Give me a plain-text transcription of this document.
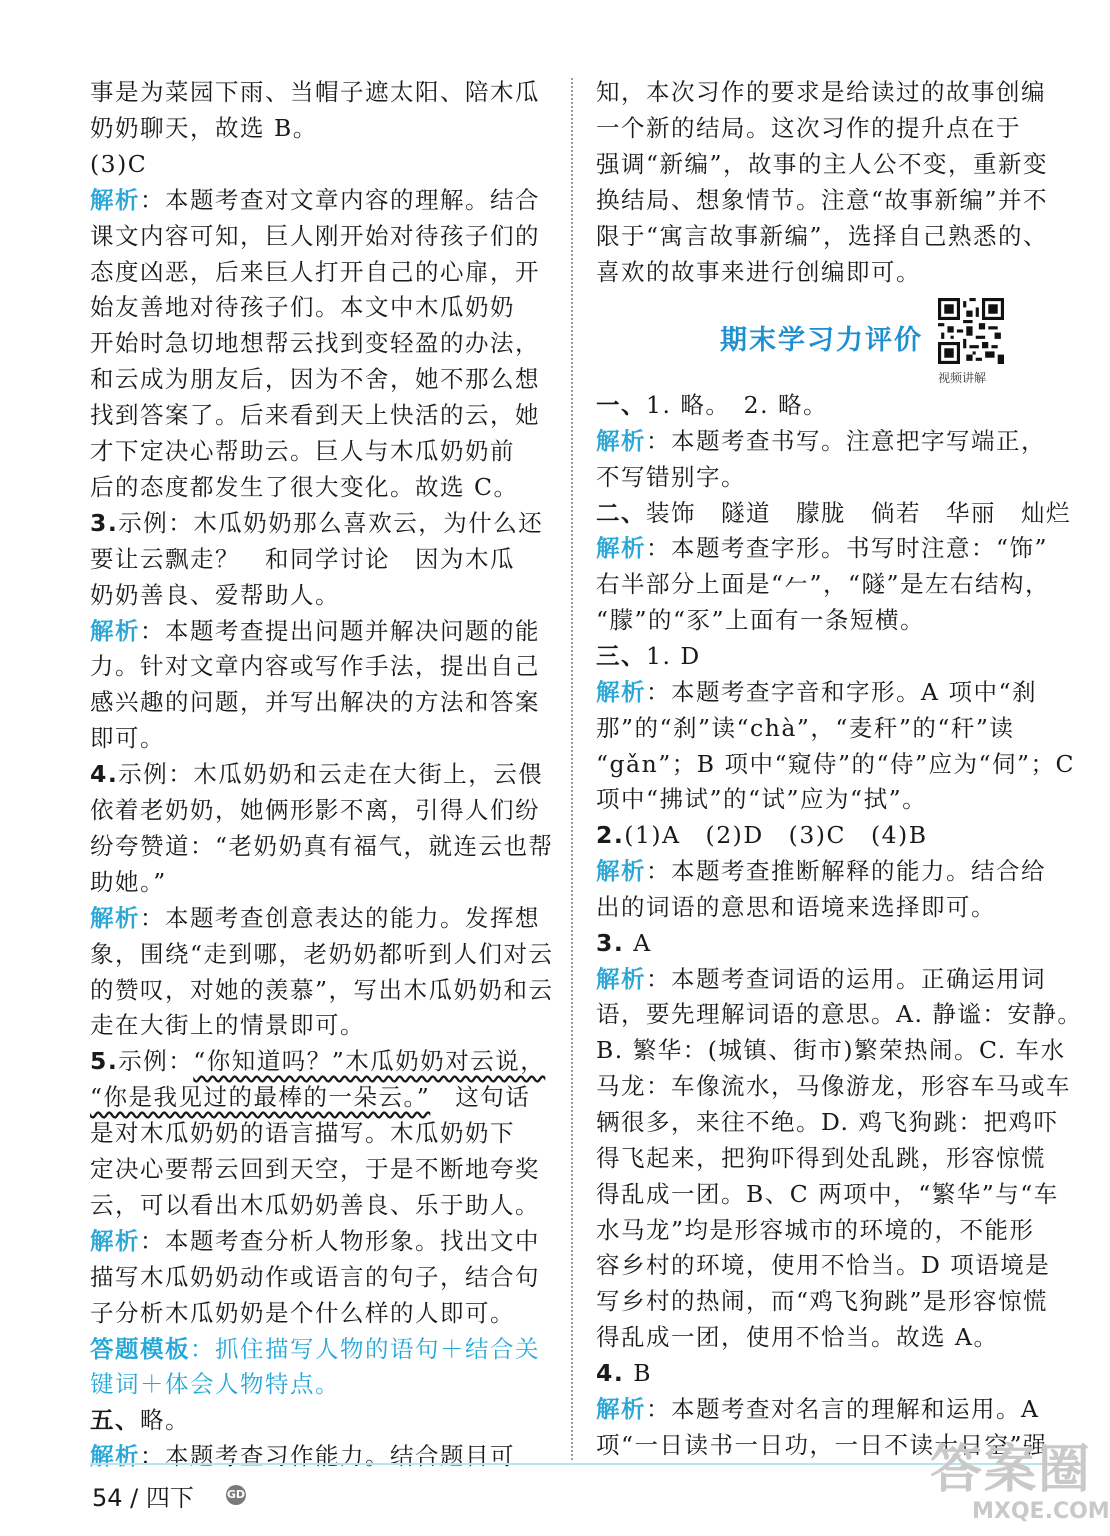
事是为菜园下雨、当帽子遮太阳、陪木瓜
奶奶聊天，故选 B。
(3)C
解析：本题考查对文章内容的理解。结合
课文内容可知，巨人刚开始对待孩子们的
态度凶恶，后来巨人打开自己的心扉，开
始友善地对待孩子们。本文中木瓜奶奶
开始时急切地想帮云找到变轻盈的办法，
和云成为朋友后，因为不舍，她不那么想
找到答案了。后来看到天上快活的云，她
才下定决心帮助云。巨人与木瓜奶奶前
后的态度都发生了很大变化。故选 C。
3.示例：木瓜奶奶那么喜欢云，为什么还
要让云飘走？　和同学讨论　因为木瓜
奶奶善良、爱帮助人。
解析：本题考查提出问题并解决问题的能
力。针对文章内容或写作手法，提出自己
感兴趣的问题，并写出解决的方法和答案
即可。
4.示例：木瓜奶奶和云走在大街上，云偎
依着老奶奶，她俩形影不离，引得人们纷
纷夸赞道：“老奶奶真有福气，就连云也帮
助她。”
解析：本题考查创意表达的能力。发挥想
象，围绕“走到哪，老奶奶都听到人们对云
的赞叹，对她的羡慕”，写出木瓜奶奶和云
走在大街上的情景即可。
5.示例：“你知道吗？”木瓜奶奶对云说，
“你是我见过的最棒的一朵云。”　这句话
是对木瓜奶奶的语言描写。木瓜奶奶下
定决心要帮云回到天空，于是不断地夸奖
云，可以看出木瓜奶奶善良、乐于助人。
解析：本题考查分析人物形象。找出文中
描写木瓜奶奶动作或语言的句子，结合句
子分析木瓜奶奶是个什么样的人即可。
答题模板：抓住描写人物的语句＋结合关
键词＋体会人物特点。
五、略。
解析：本题考查习作能力。结合题目可
知，本次习作的要求是给读过的故事创编
一个新的结局。这次习作的提升点在于
强调“新编”，故事的主人公不变，重新变
换结局、想象情节。注意“故事新编”并不
限于“寓言故事新编”，选择自己熟悉的、
喜欢的故事来进行创编即可。
一、1. 略。　2. 略。
解析：本题考查书写。注意把字写端正，
不写错别字。
二、装饰　隧道　朦胧　倘若　华丽　灿烂
解析：本题考查字形。书写时注意：“饰”
右半部分上面是“𠂉”，“隧”是左右结构，
“朦”的“豕”上面有一条短横。
三、1. D
解析：本题考查字音和字形。A 项中“刹
那”的“刹”读“chà”，“麦秆”的“秆”读
“gǎn”；B 项中“窥侍”的“侍”应为“伺”；C
项中“拂试”的“试”应为“拭”。
2.(1)A　(2)D　(3)C　(4)B
解析：本题考查推断解释的能力。结合给
出的词语的意思和语境来选择即可。
3. A
解析：本题考查词语的运用。正确运用词
语，要先理解词语的意思。A. 静谧：安静。
B. 繁华：(城镇、街市)繁荣热闹。C. 车水
马龙：车像流水，马像游龙，形容车马或车
辆很多，来往不绝。D. 鸡飞狗跳：把鸡吓
得飞起来，把狗吓得到处乱跳，形容惊慌
得乱成一团。B、C 两项中，“繁华”与“车
水马龙”均是形容城市的环境的，不能形
容乡村的环境，使用不恰当。D 项语境是
写乡村的热闹，而“鸡飞狗跳”是形容惊慌
得乱成一团，使用不恰当。故选 A。
4. B
解析：本题考查对名言的理解和运用。A
项“一日读书一日功，一日不读十日空”强
期末学习力评价
视频讲解
54 / 四下	GD	答案圈
MXQE.COM
